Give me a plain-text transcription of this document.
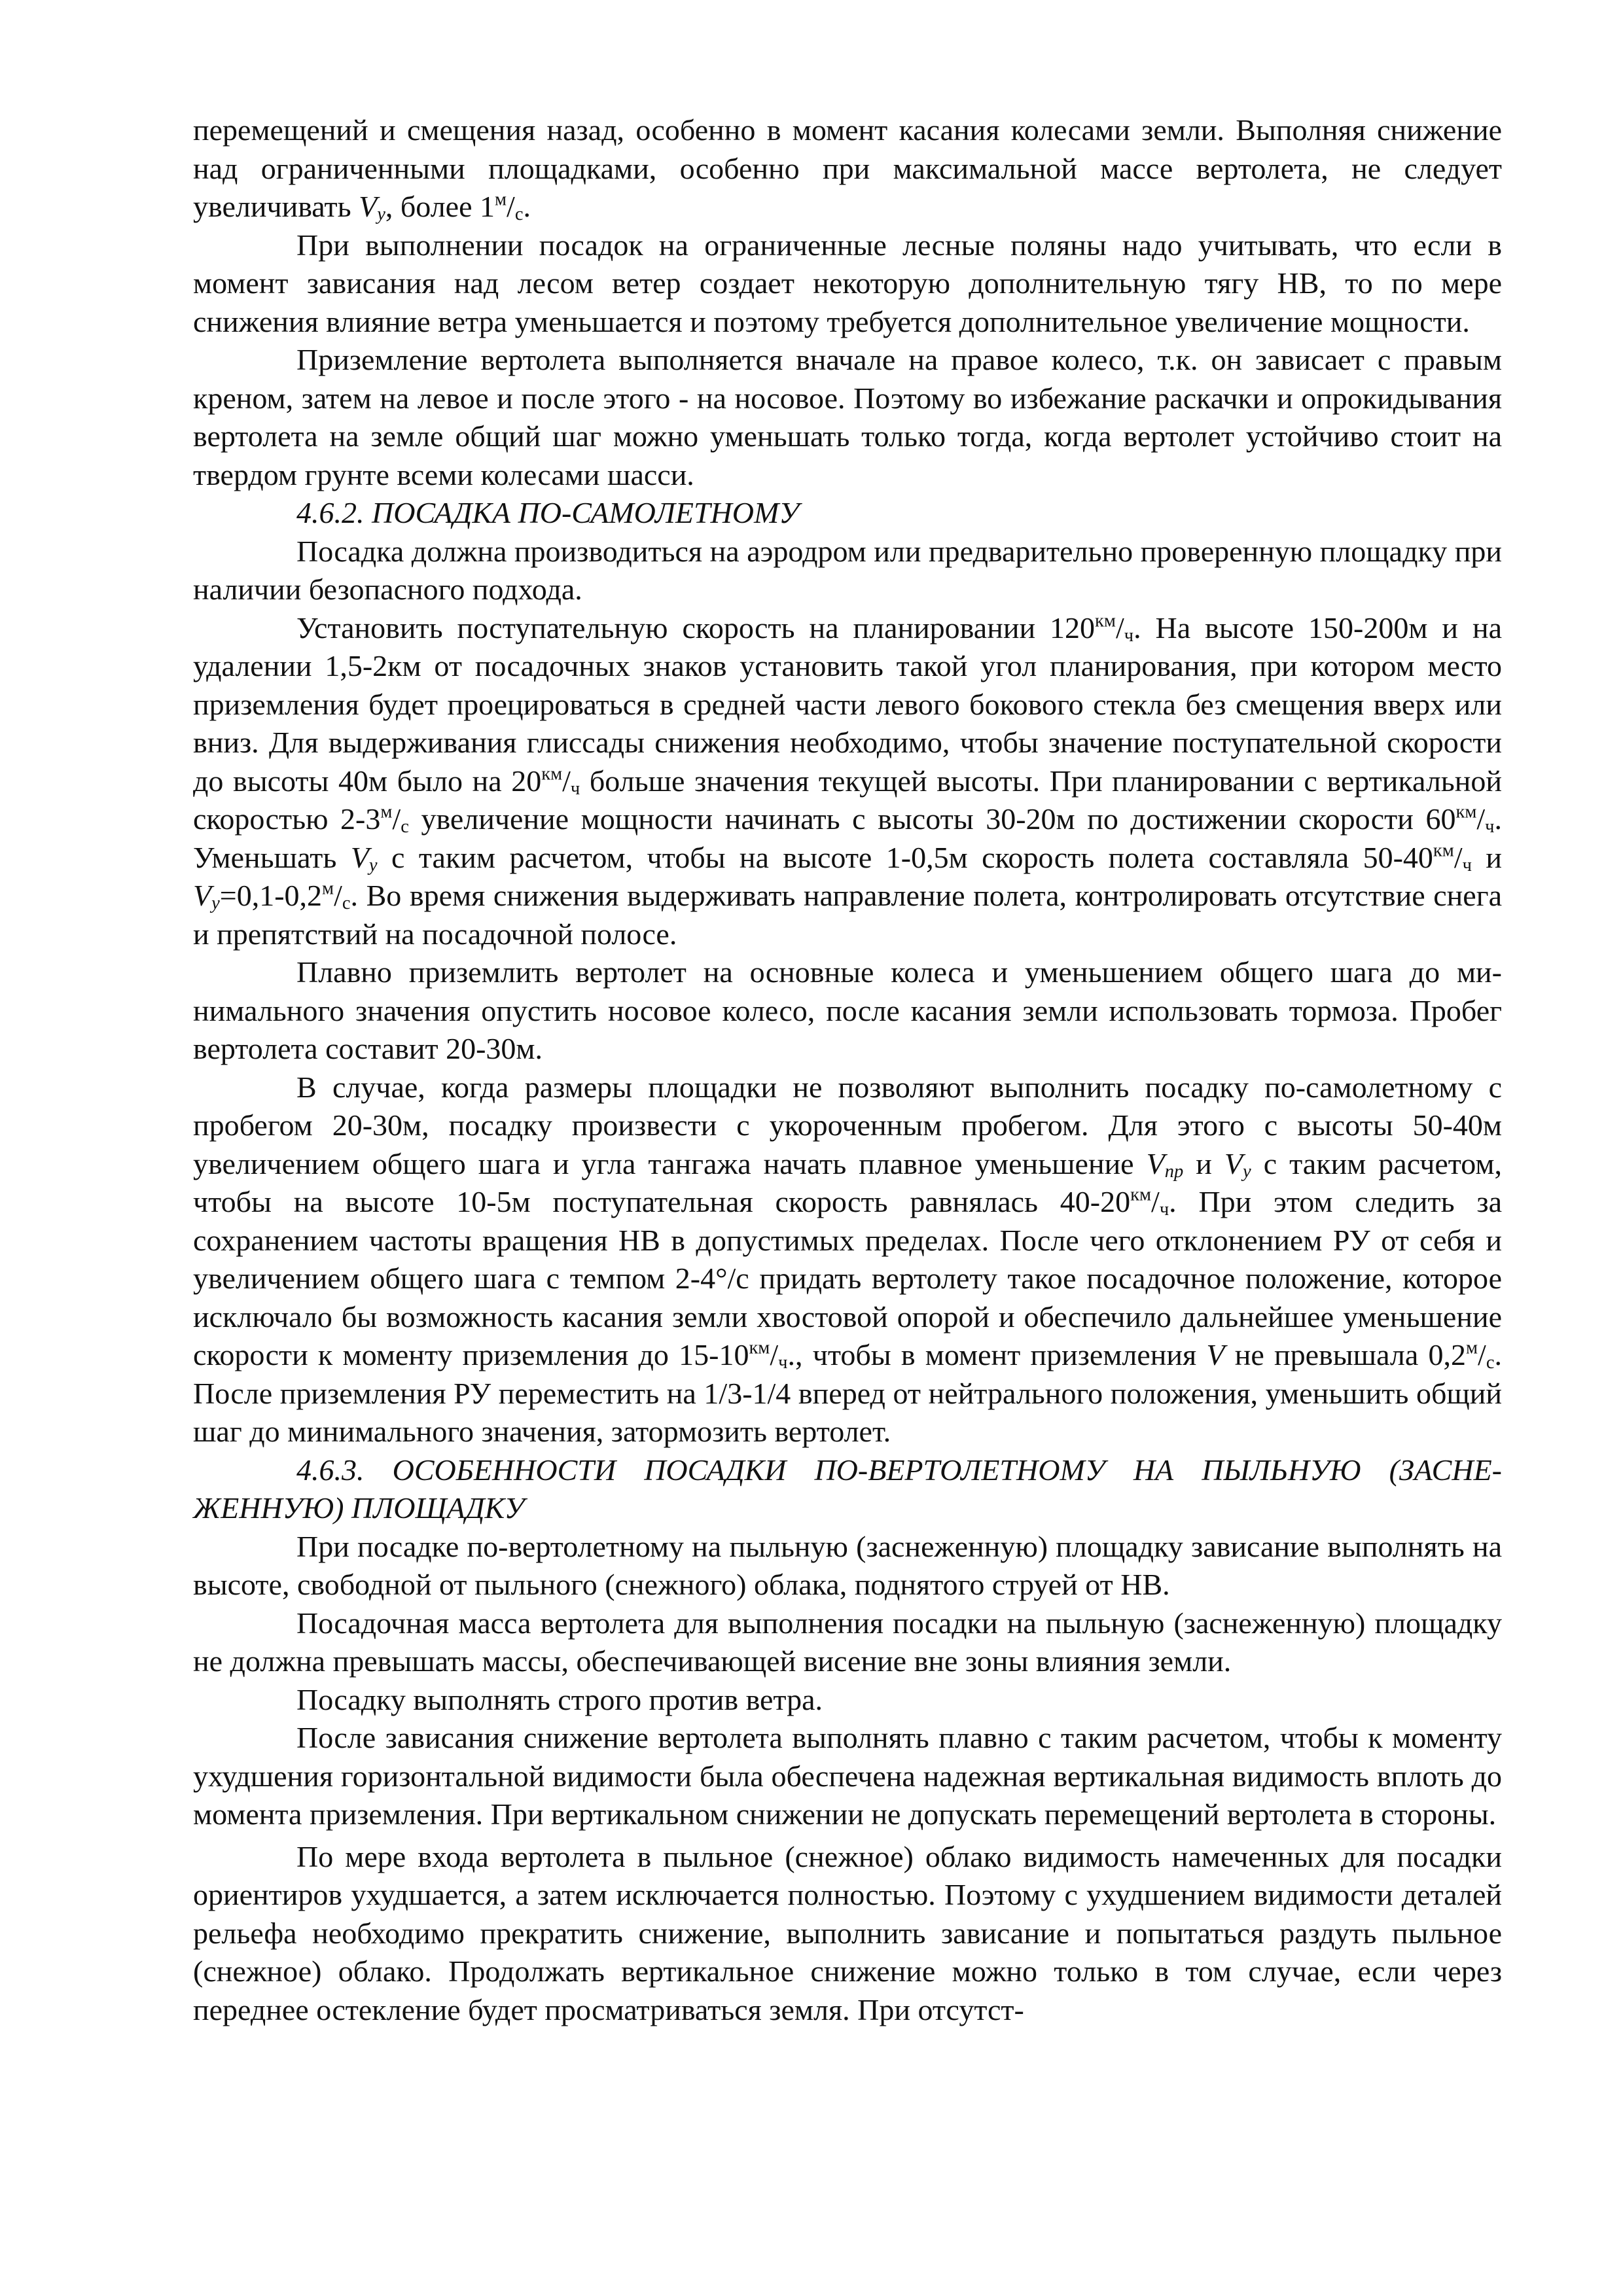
перемещений и смещения назад, особенно в момент касания колесами земли. Выполняя снижение над ограниченными площадками, особенно при максимальной массе вертолета, не следует увеличивать $V_y$, более $1^м/_с$.

При выполнении посадок на ограниченные лесные поляны надо учитывать, что если в момент зависания над лесом ветер создает некоторую дополнительную тягу НВ, то по мере снижения влияние ветра уменьшается и поэтому требуется дополнительное увеличение мощности.

Приземление вертолета выполняется вначале на правое колесо, т.к. он зависает с правым креном, затем на левое и после этого - на носовое. Поэтому во избежание раскачки и опрокидывания вертолета на земле общий шаг можно уменьшать только тогда, когда вертолет устойчиво стоит на твердом грунте всеми колесами шасси.

4.6.2. ПОСАДКА ПО-САМОЛЕТНОМУ

Посадка должна производиться на аэродром или предварительно проверенную площадку при наличии безопасного подхода.

Установить поступательную скорость на планировании $120^{км}/_ч$. На высоте 150-200м и на удалении 1,5-2км от посадочных знаков установить такой угол планирования, при котором место приземления будет проецироваться в средней части левого бокового стекла без смещения вверх или вниз. Для выдерживания глиссады снижения необходимо, чтобы значение поступательной скорости до высоты 40м было на $20^{км}/_ч$ больше значения текущей высоты. При планировании с вертикальной скоростью $2-3^м/_с$ увеличение мощности начинать с высоты 30-20м по достижении скорости $60^{км}/_ч$. Уменьшать $V_y$ с таким расчетом, чтобы на высоте 1-0,5м скорость полета составляла $50-40^{км}/_ч$ и $V_y=0,1-0,2^м/_с$. Во время снижения выдерживать направление полета, контролировать отсутствие снега и препятствий на посадочной полосе.

Плавно приземлить вертолет на основные колеса и уменьшением общего шага до минимального значения опустить носовое колесо, после касания земли использовать тормоза. Пробег вертолета составит 20-30м.

В случае, когда размеры площадки не позволяют выполнить посадку по-самолетному с пробегом 20-30м, посадку произвести с укороченным пробегом. Для этого с высоты 50-40м увеличением общего шага и угла тангажа начать плавное уменьшение $V_{пр}$ и $V_y$ с таким расчетом, чтобы на высоте 10-5м поступательная скорость равнялась $40-20^{км}/_ч$. При этом следить за сохранением частоты вращения НВ в допустимых пределах. После чего отклонением РУ от себя и увеличением общего шага с темпом 2-4°/с придать вертолету такое посадочное положение, которое исключало бы возможность касания земли хвостовой опорой и обеспечило дальнейшее уменьшение скорости к моменту приземления до $15-10^{км}/_ч$., чтобы в момент приземления V не превышала $0,2^м/_с$. После приземления РУ переместить на 1/3-1/4 вперед от нейтрального положения, уменьшить общий шаг до минимального значения, затормозить вертолет.

4.6.3. ОСОБЕННОСТИ ПОСАДКИ ПО-ВЕРТОЛЕТНОМУ НА ПЫЛЬНУЮ (ЗАСНЕЖЕННУЮ) ПЛОЩАДКУ

При посадке по-вертолетному на пыльную (заснеженную) площадку зависание выполнять на высоте, свободной от пыльного (снежного) облака, поднятого струей от НВ.

Посадочная масса вертолета для выполнения посадки на пыльную (заснеженную) площадку не должна превышать массы, обеспечивающей висение вне зоны влияния земли.

Посадку выполнять строго против ветра.

После зависания снижение вертолета выполнять плавно с таким расчетом, чтобы к моменту ухудшения горизонтальной видимости была обеспечена надежная вертикальная видимость вплоть до момента приземления. При вертикальном снижении не допускать перемещений вертолета в стороны.

По мере входа вертолета в пыльное (снежное) облако видимость намеченных для посадки ориентиров ухудшается, а затем исключается полностью. Поэтому с ухудшением видимости деталей рельефа необходимо прекратить снижение, выполнить зависание и попытаться раздуть пыльное (снежное) облако. Продолжать вертикальное снижение можно только в том случае, если через переднее остекление будет просматриваться земля. При отсутст-
